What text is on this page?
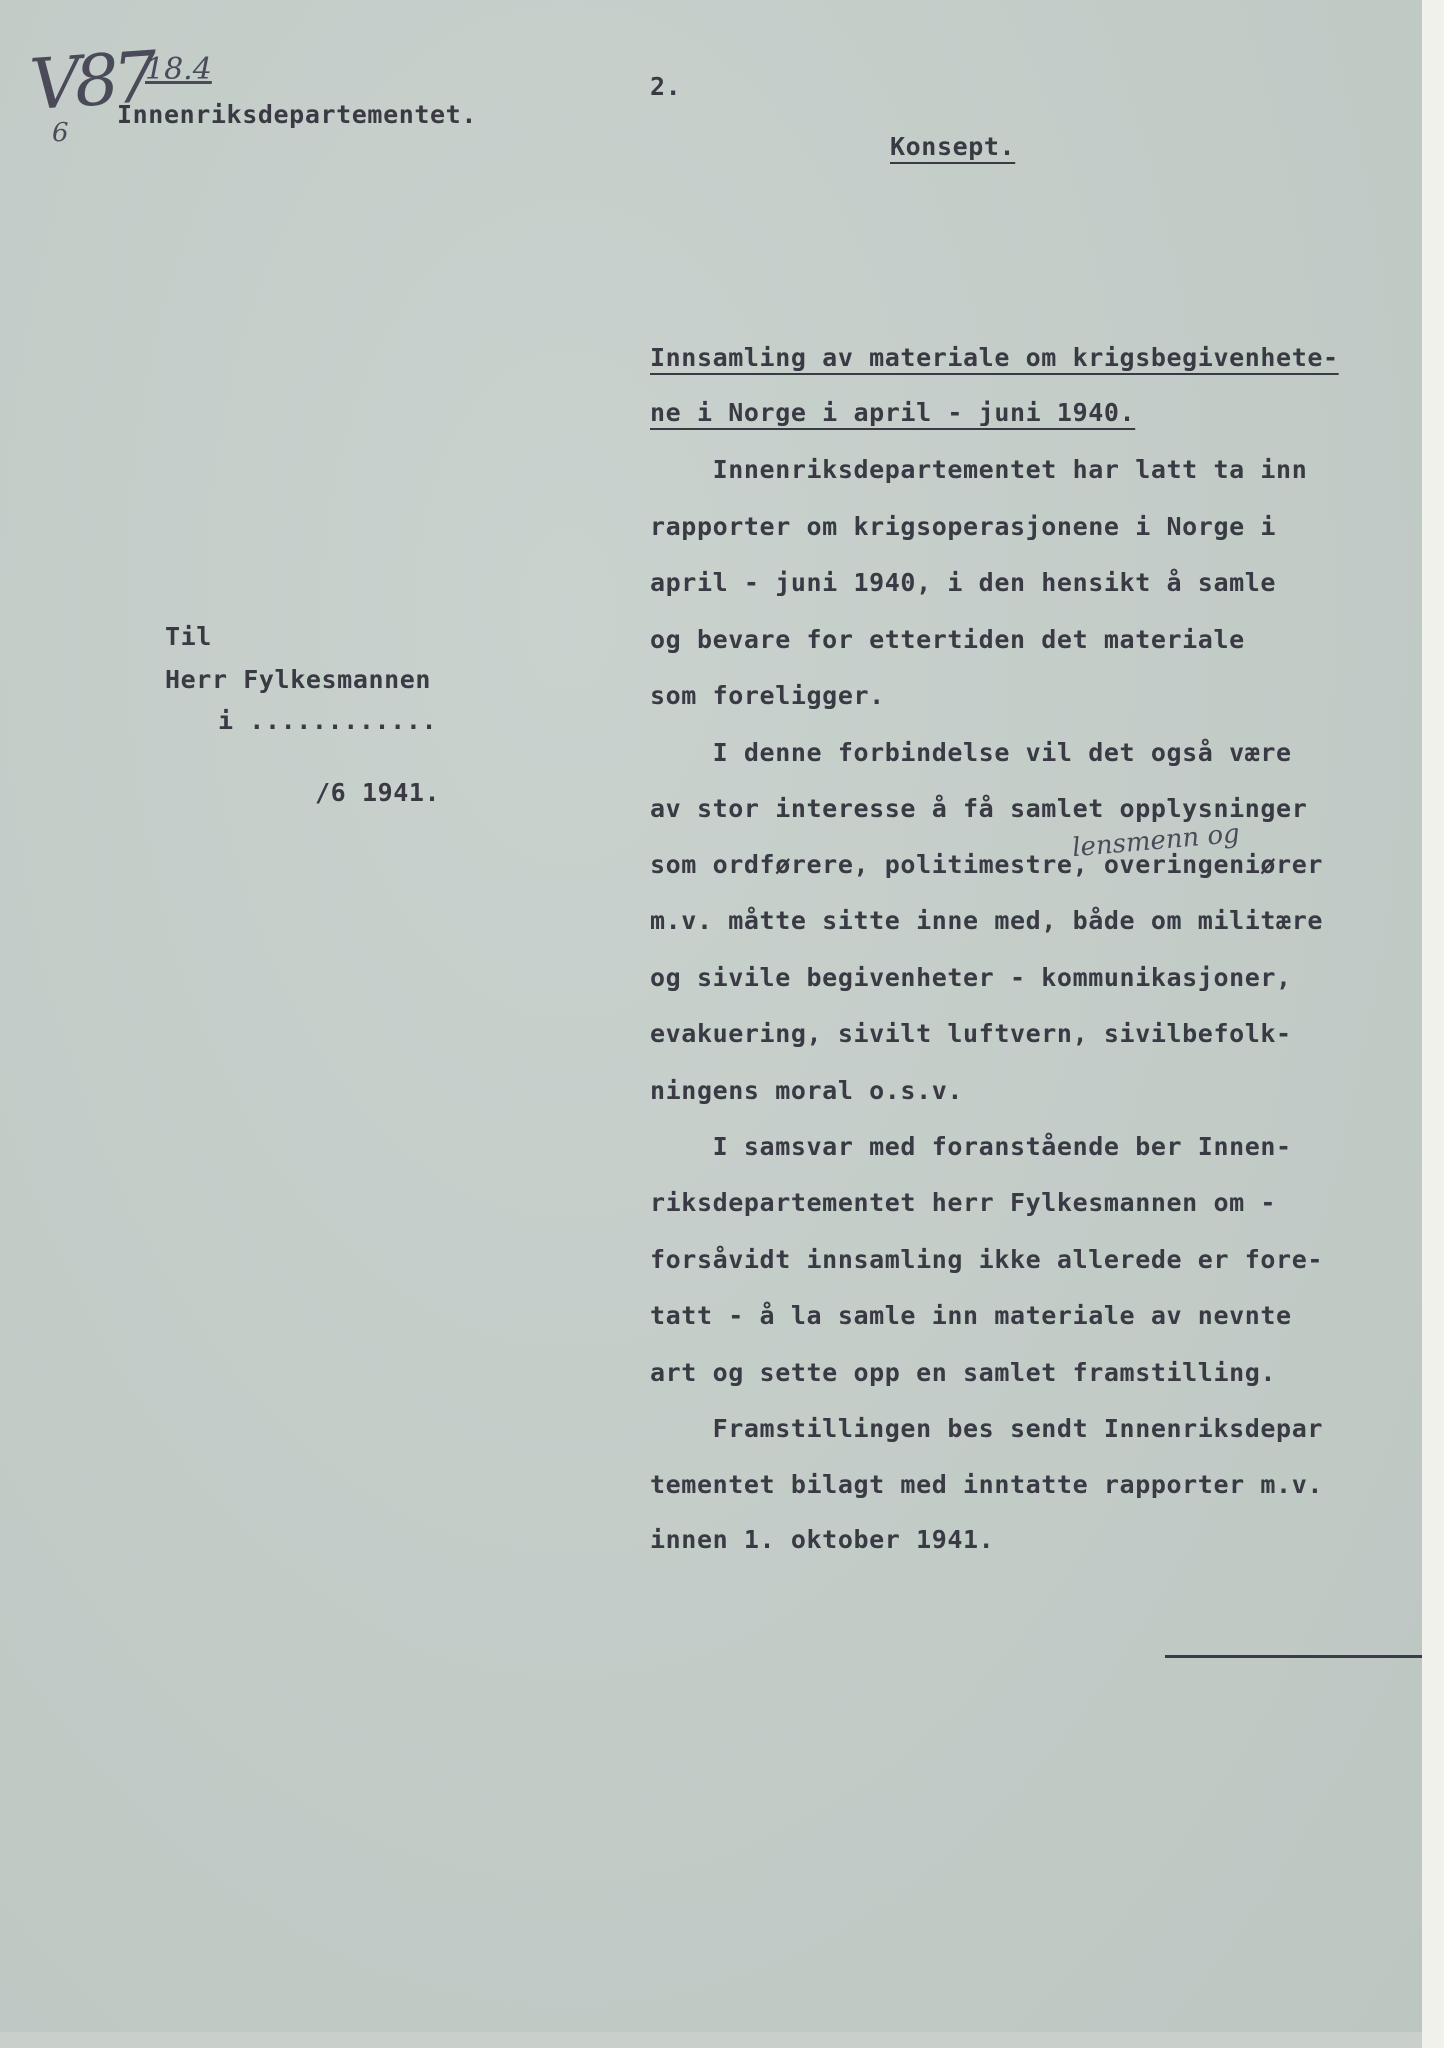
V87
6
18.4
Innenriksdepartementet.
2.
Konsept.
Innsamling av materiale om krigsbegivenhete-
ne i Norge i april - juni 1940.
Til
Herr Fylkesmannen
i ............
/6 1941.
lensmenn og
Innenriksdepartementet har latt ta inn
rapporter om krigsoperasjonene i Norge i
april - juni 1940, i den hensikt å samle
og bevare for ettertiden det materiale
som foreligger.
I denne forbindelse vil det også være
av stor interesse å få samlet opplysninger
som ordførere, politimestre, overingeniører
m.v. måtte sitte inne med, både om militære
og sivile begivenheter - kommunikasjoner,
evakuering, sivilt luftvern, sivilbefolk-
ningens moral o.s.v.
I samsvar med foranstående ber Innen-
riksdepartementet herr Fylkesmannen om -
forsåvidt innsamling ikke allerede er fore-
tatt - å la samle inn materiale av nevnte
art og sette opp en samlet framstilling.
Framstillingen bes sendt Innenriksdepar
tementet bilagt med inntatte rapporter m.v.
innen 1. oktober 1941.
